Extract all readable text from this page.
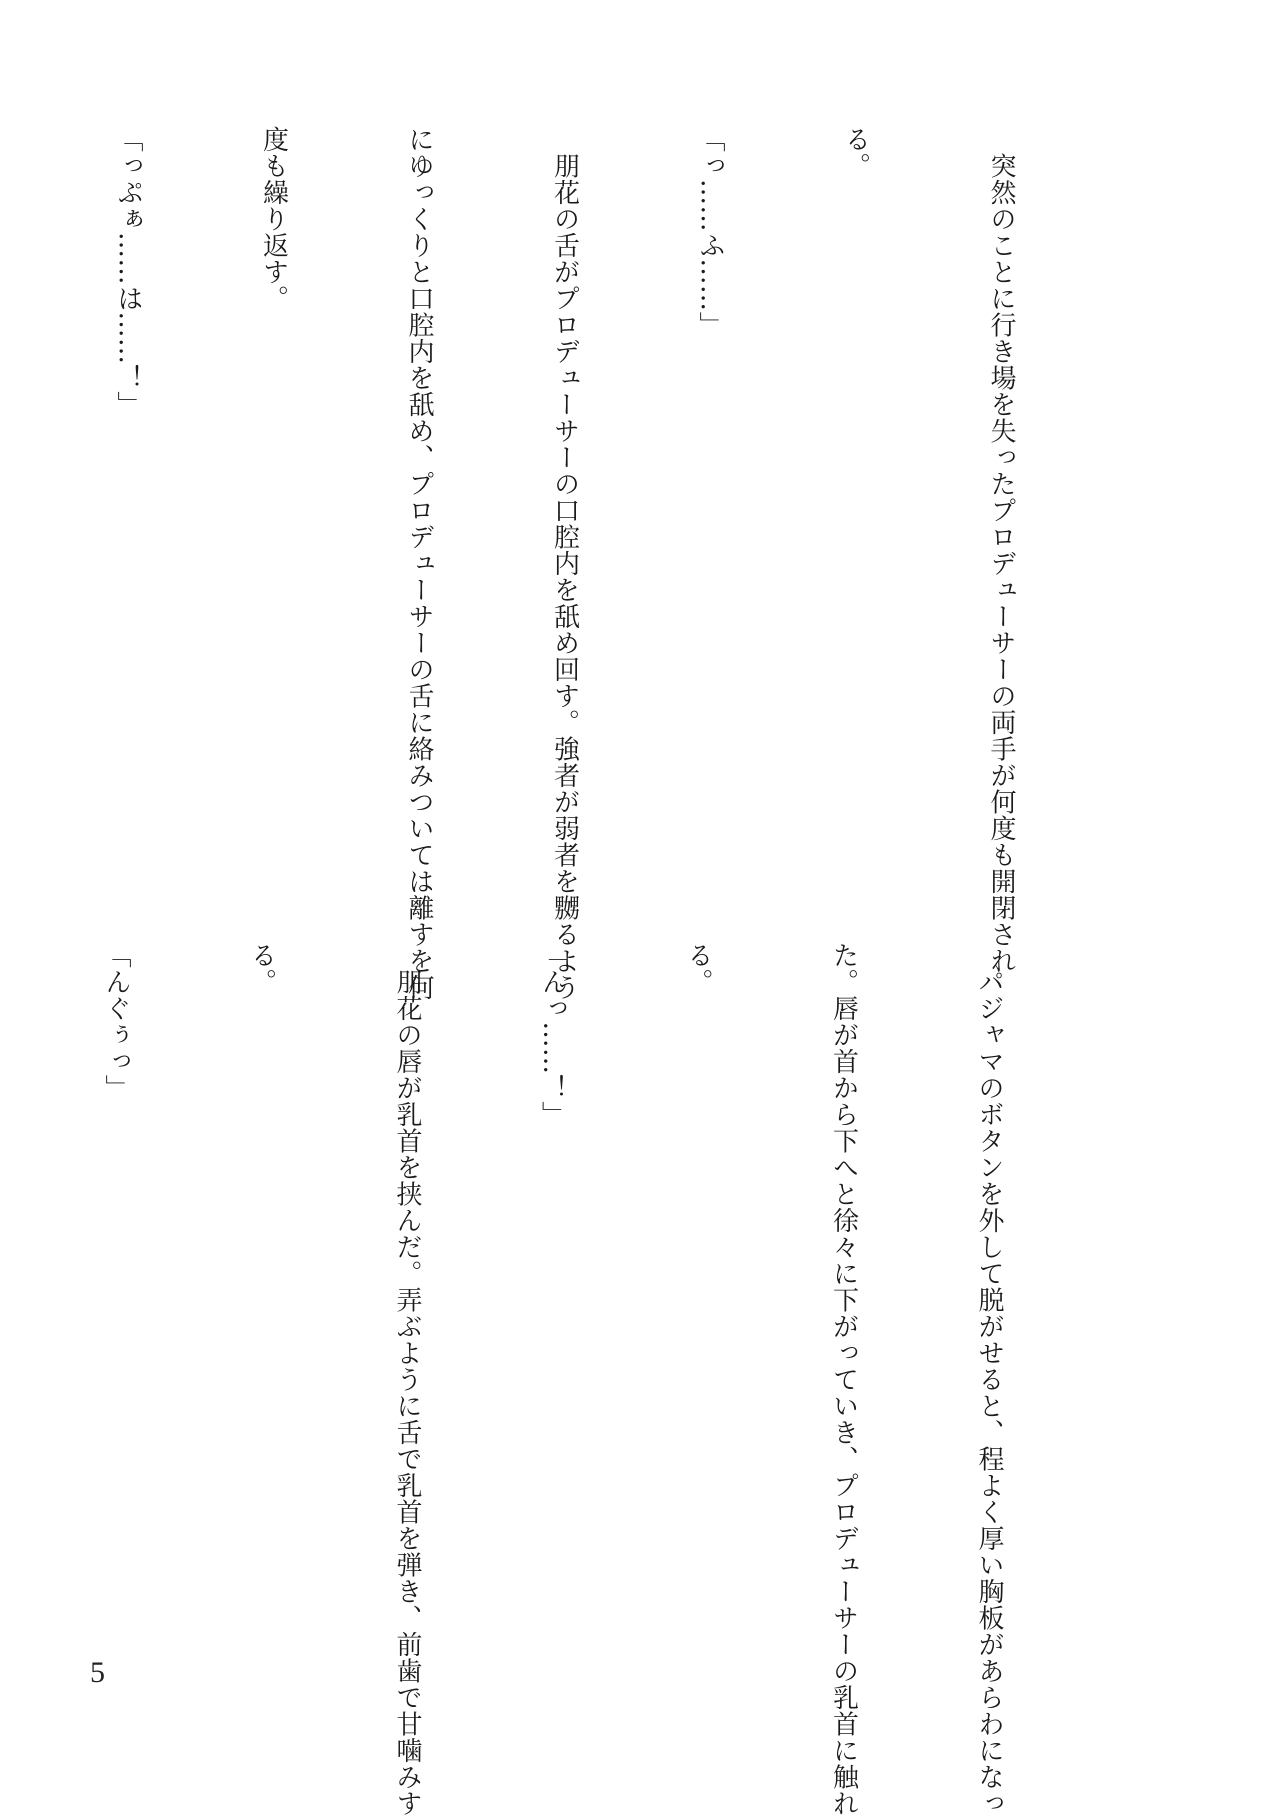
　突然のことに行き場を失ったプロデューサーの両手が何度も開閉され

る。

「っ……ふ……」

　朋花の舌がプロデューサーの口腔内を舐め回す。強者が弱者を嬲るよう

にゆっくりと口腔内を舐め、プロデューサーの舌に絡みついては離すを何

度も繰り返す。

「っぷぁ……は……！」

　パジャマのボタンを外して脱がせると、程よく厚い胸板があらわになっ

た。唇が首から下へと徐々に下がっていき、プロデューサーの乳首に触れ

る。

「んっ……！」

　朋花の唇が乳首を挟んだ。弄ぶように舌で乳首を弾き、前歯で甘噛みす

る。

「んぐぅっ」

5
